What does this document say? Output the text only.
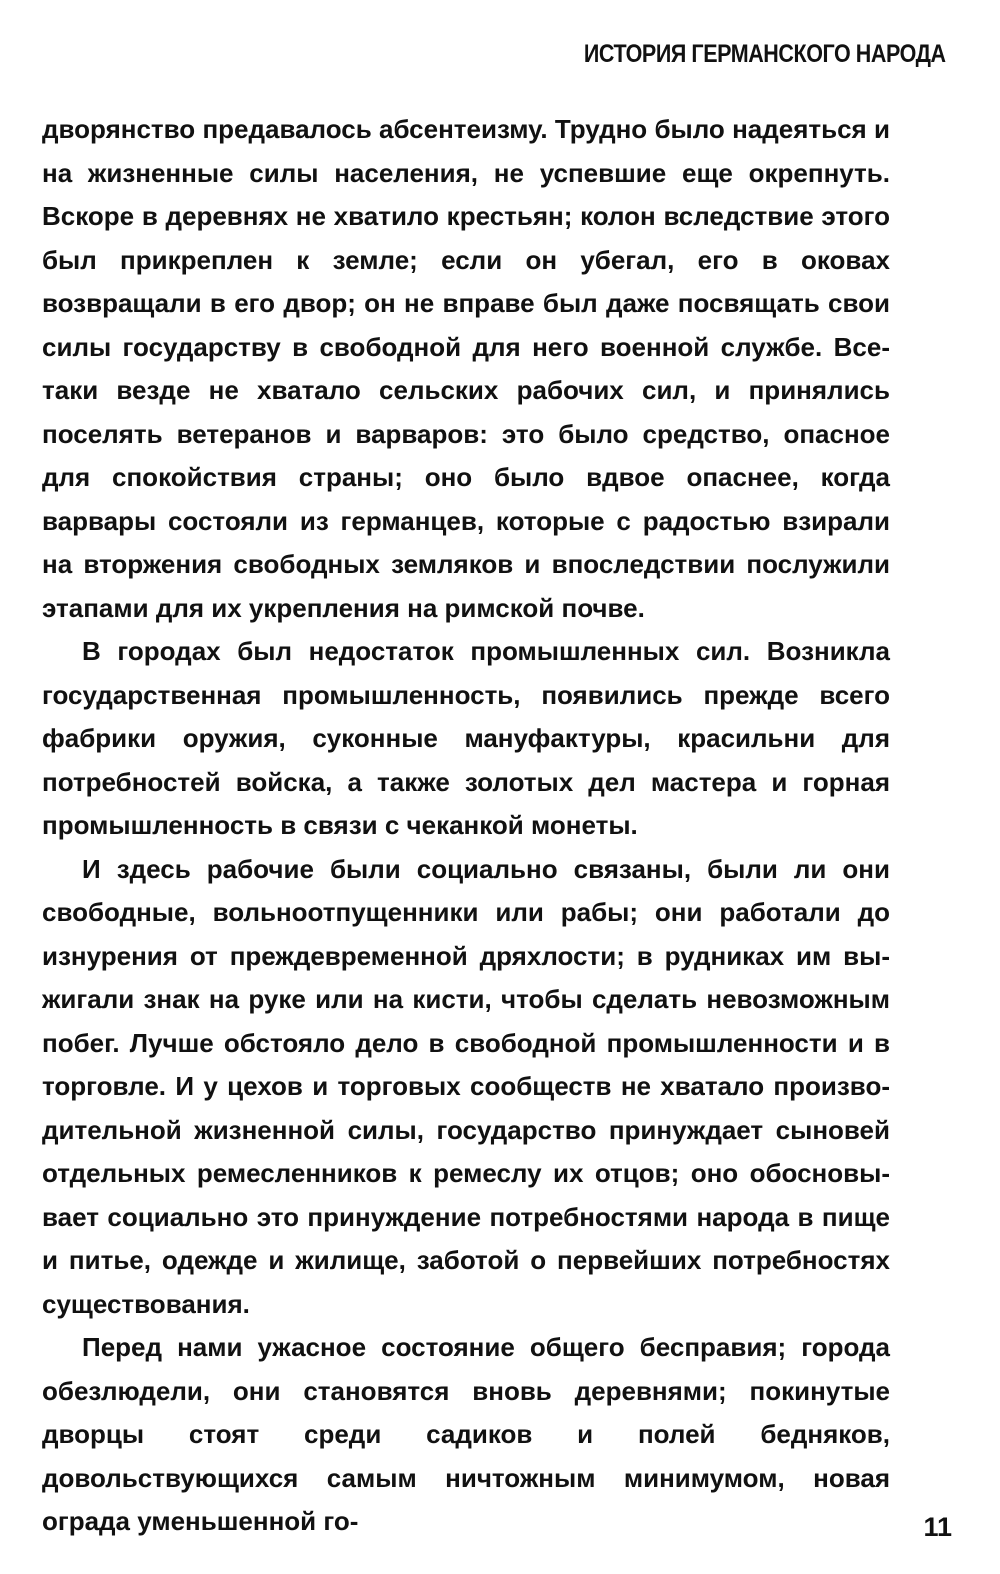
ИСТОРИЯ ГЕРМАНСКОГО НАРОДА

дворянство предавалось абсентеизму. Трудно было надеяться и на жизненные силы населения, не успевшие еще окрепнуть. Вскоре в деревнях не хватило крестьян; колон вследствие этого был прикреплен к земле; если он убегал, его в оковах возвращали в его двор; он не вправе был даже посвящать свои силы государству в свободной для него военной службе. Все-таки везде не хватало сельских рабочих сил, и принялись поселять ветеранов и варваров: это было средство, опасное для спокойствия страны; оно было вдвое опаснее, когда варвары состояли из германцев, которые с радостью взирали на вторжения свободных земляков и впоследствии послужили этапами для их укрепления на римской почве.

В городах был недостаток промышленных сил. Возникла государственная промышленность, появились прежде всего фабрики оружия, суконные мануфактуры, красильни для потребностей войска, а также золотых дел мастера и горная промышленность в связи с чеканкой монеты.

И здесь рабочие были социально связаны, были ли они свободные, вольноотпущенники или рабы; они работали до изнурения от преждевременной дряхлости; в рудниках им выжигали знак на руке или на кисти, чтобы сделать невозможным побег. Лучше обстояло дело в свободной промышленности и в торговле. И у цехов и торговых сообществ не хватало производительной жизненной силы, государство принуждает сыновей отдельных ремесленников к ремеслу их отцов; оно обосновывает социально это принуждение потребностями народа в пище и питье, одежде и жилище, заботой о первейших потребностях существования.

Перед нами ужасное состояние общего бесправия; города обезлюдели, они становятся вновь деревнями; покинутые дворцы стоят среди садиков и полей бедняков, довольствующихся самым ничтожным минимумом, новая ограда уменьшенной го-	11
